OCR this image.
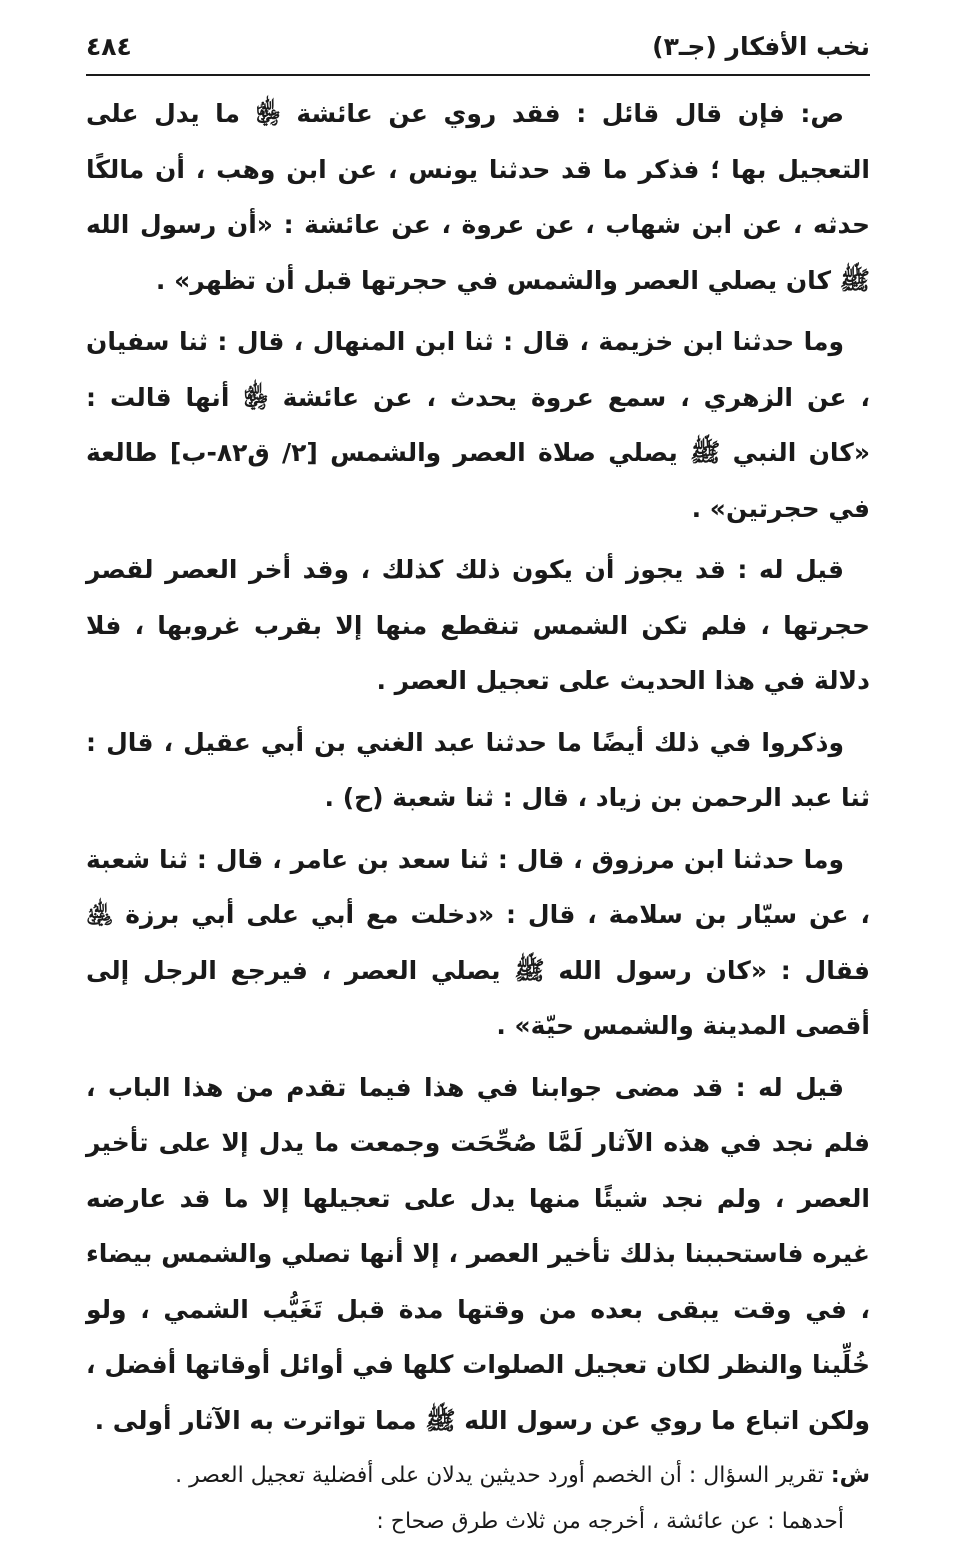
نخب الأفكار (جـ٣)
٤٨٤

ص: فإن قال قائل : فقد روي عن عائشة ﵂ ما يدل على التعجيل بها ؛ فذكر ما قد حدثنا يونس ، عن ابن وهب ، أن مالكًا حدثه ، عن ابن شهاب ، عن عروة ، عن عائشة : «أن رسول الله ﷺ كان يصلي العصر والشمس في حجرتها قبل أن تظهر» .

وما حدثنا ابن خزيمة ، قال : ثنا ابن المنهال ، قال : ثنا سفيان ، عن الزهري ، سمع عروة يحدث ، عن عائشة ﵂ أنها قالت : «كان النبي ﷺ يصلي صلاة العصر والشمس [٢/ ق٨٢-ب] طالعة في حجرتين» .

قيل له : قد يجوز أن يكون ذلك كذلك ، وقد أخر العصر لقصر حجرتها ، فلم تكن الشمس تنقطع منها إلا بقرب غروبها ، فلا دلالة في هذا الحديث على تعجيل العصر .

وذكروا في ذلك أيضًا ما حدثنا عبد الغني بن أبي عقيل ، قال : ثنا عبد الرحمن بن زياد ، قال : ثنا شعبة (ح) .

وما حدثنا ابن مرزوق ، قال : ثنا سعد بن عامر ، قال : ثنا شعبة ، عن سيّار بن سلامة ، قال : «دخلت مع أبي على أبي برزة ﵁ فقال : «كان رسول الله ﷺ يصلي العصر ، فيرجع الرجل إلى أقصى المدينة والشمس حيّة» .

قيل له : قد مضى جوابنا في هذا فيما تقدم من هذا الباب ، فلم نجد في هذه الآثار لَمَّا صُحِّحَت وجمعت ما يدل إلا على تأخير العصر ، ولم نجد شيئًا منها يدل على تعجيلها إلا ما قد عارضه غيره فاستحببنا بذلك تأخير العصر ، إلا أنها تصلي والشمس بيضاء ، في وقت يبقى بعده من وقتها مدة قبل تَغَيُّب الشمي ، ولو خُلِّينا والنظر لكان تعجيل الصلوات كلها في أوائل أوقاتها أفضل ، ولكن اتباع ما روي عن رسول الله ﷺ مما تواترت به الآثار أولى .

ش: تقرير السؤال : أن الخصم أورد حديثين يدلان على أفضلية تعجيل العصر .

أحدهما : عن عائشة ، أخرجه من ثلاث طرق صحاح :
